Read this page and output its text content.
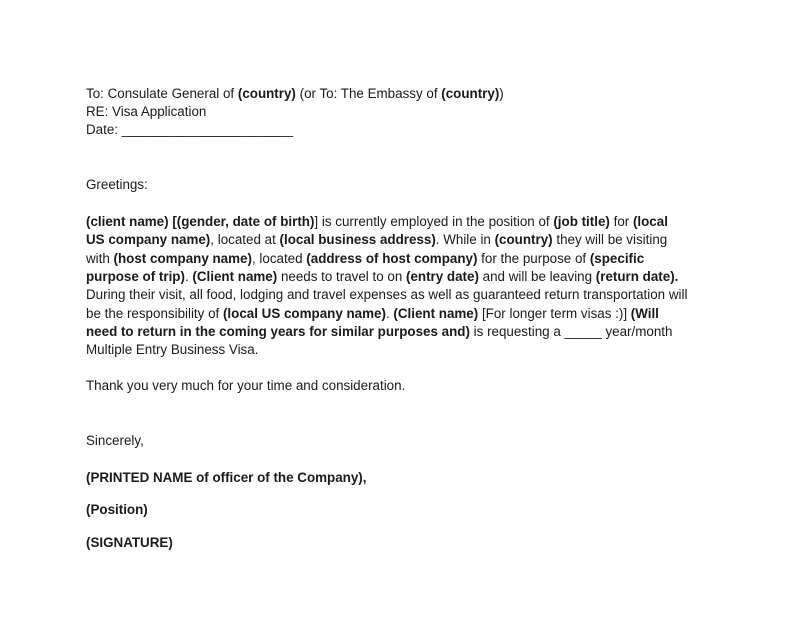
To: Consulate General of (country) (or To: The Embassy of (country))
RE: Visa Application
Date: _______________________
Greetings:
(client name) [(gender, date of birth)] is currently employed in the position of (job title) for (local
US company name), located at (local business address). While in (country) they will be visiting
with (host company name), located (address of host company) for the purpose of (specific
purpose of trip). (Client name) needs to travel to on (entry date) and will be leaving (return date).
During their visit, all food, lodging and travel expenses as well as guaranteed return transportation will
be the responsibility of (local US company name). (Client name) [For longer term visas :)] (Will
need to return in the coming years for similar purposes and) is requesting a _____ year/month
Multiple Entry Business Visa.
Thank you very much for your time and consideration.
Sincerely,
(PRINTED NAME of officer of the Company),
(Position)
(SIGNATURE)
